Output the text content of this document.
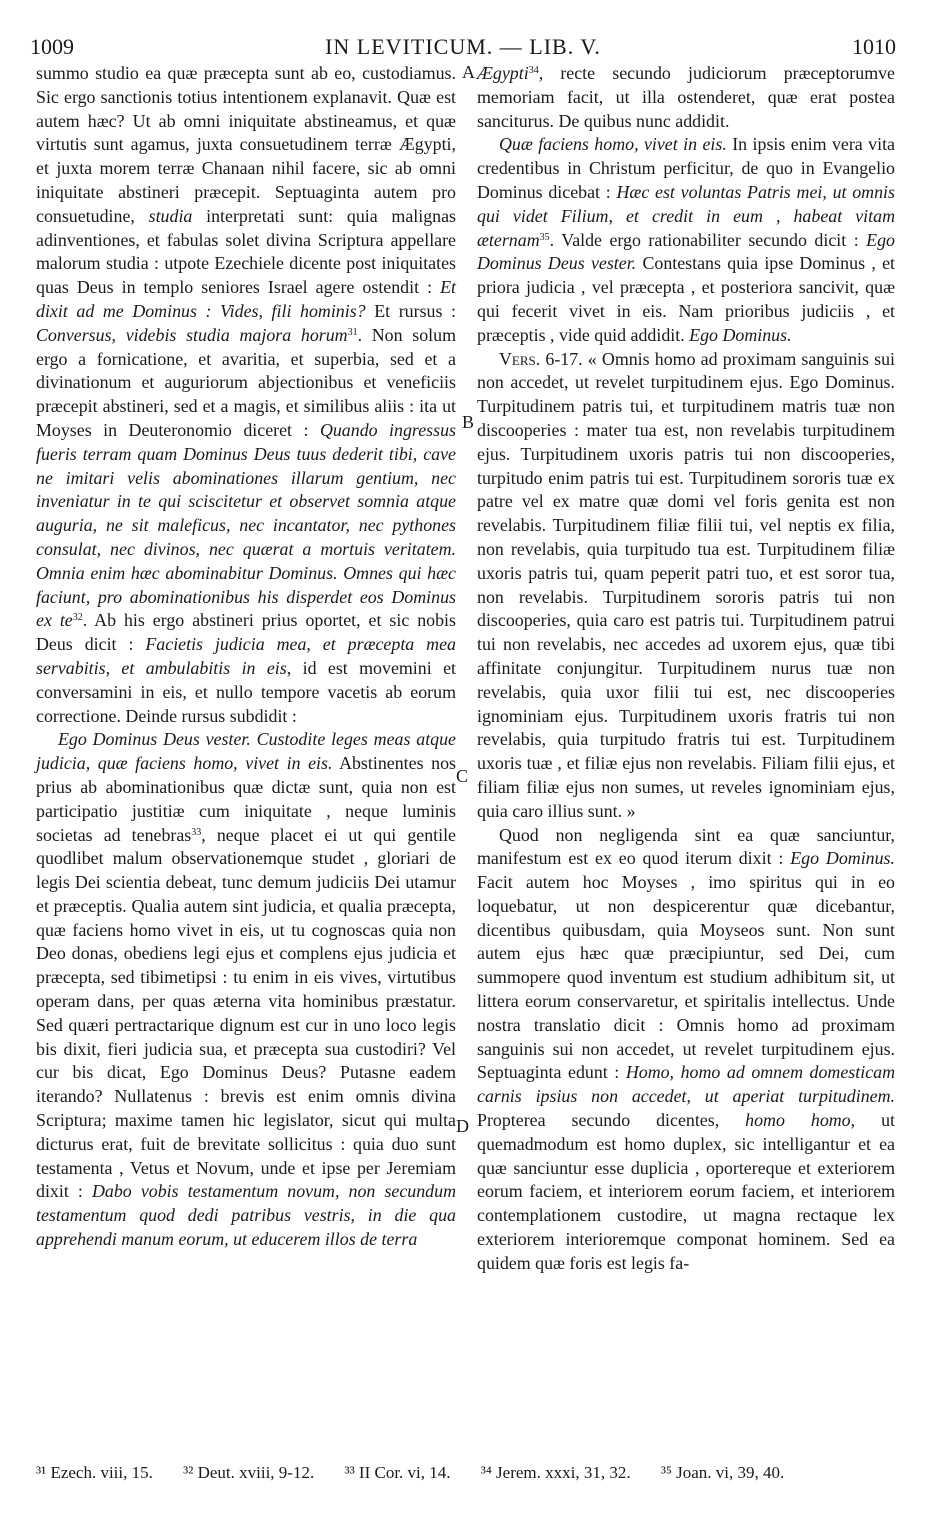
1009	IN LEVITICUM. — LIB. V.	1010
A
B
C
D

summo studio ea quæ præcepta sunt ab eo, custodiamus. Sic ergo sanctionis totius intentionem explanavit. Quæ est autem hæc? Ut ab omni iniquitate abstineamus, et quæ virtutis sunt agamus, juxta consuetudinem terræ Ægypti, et juxta morem terræ Chanaan nihil facere, sic ab omni iniquitate abstineri præcepit. Septuaginta autem pro consuetudine, studia interpretati sunt: quia malignas adinventiones, et fabulas solet divina Scriptura appellare malorum studia : utpote Ezechiele dicente post iniquitates quas Deus in templo seniores Israel agere ostendit : Et dixit ad me Dominus : Vides, fili hominis? Et rursus : Conversus, videbis studia majora horum$^{31}$. Non solum ergo a fornicatione, et avaritia, et superbia, sed et a divinationum et auguriorum abjectionibus et veneficiis præcepit abstineri, sed et a magis, et similibus aliis : ita ut Moyses in Deuteronomio diceret : Quando ingressus fueris terram quam Dominus Deus tuus dederit tibi, cave ne imitari velis abominationes illarum gentium, nec inveniatur in te qui sciscitetur et observet somnia atque auguria, ne sit maleficus, nec incantator, nec pythones consulat, nec divinos, nec quærat a mortuis veritatem. Omnia enim hæc abominabitur Dominus. Omnes qui hæc faciunt, pro abominationibus his disperdet eos Dominus ex $te^{32}$. Ab his ergo abstineri prius oportet, et sic nobis Deus dicit : Facietis judicia mea, et præcepta mea servabitis, et ambulabitis in eis, id est movemini et conversamini in eis, et nullo tempore vacetis ab eorum correctione. Deinde rursus subdidit :

Ego Dominus Deus vester. Custodite leges meas atque judicia, quæ faciens homo, vivet in eis. Abstinentes nos prius ab abominationibus quæ dictæ sunt, quia non est participatio justitiæ cum iniquitate , neque luminis societas ad tenebras$^{33}$, neque placet ei ut qui gentile quodlibet malum observationemque studet , gloriari de legis Dei scientia debeat, tunc demum judiciis Dei utamur et præceptis. Qualia autem sint judicia, et qualia præcepta, quæ faciens homo vivet in eis, ut tu cognoscas quia non Deo donas, obediens legi ejus et complens ejus judicia et præcepta, sed tibimetipsi : tu enim in eis vives, virtutibus operam dans, per quas æterna vita hominibus præstatur. Sed quæri pertractarique dignum est cur in uno loco legis bis dixit, fieri judicia sua, et præcepta sua custodiri? Vel cur bis dicat, Ego Dominus Deus? Putasne eadem iterando? Nullatenus : brevis est enim omnis divina Scriptura; maxime tamen hic legislator, sicut qui multa dicturus erat, fuit de brevitate sollicitus : quia duo sunt testamenta , Vetus et Novum, unde et ipse per Jeremiam dixit : Dabo vobis testamentum novum, non secundum testamentum quod dedi patribus vestris, in die qua apprehendi manum eorum, ut educerem illos de terra

Ægypti$^{34}$, recte secundo judiciorum præceptorumve memoriam facit, ut illa ostenderet, quæ erat postea sanciturus. De quibus nunc addidit.

Quæ faciens homo, vivet in eis. In ipsis enim vera vita credentibus in Christum perficitur, de quo in Evangelio Dominus dicebat : Hæc est voluntas Patris mei, ut omnis qui videt Filium, et credit in eum , habeat vitam æternam$^{35}$. Valde ergo rationabiliter secundo dicit : Ego Dominus Deus vester. Contestans quia ipse Dominus , et priora judicia , vel præcepta , et posteriora sancivit, quæ qui fecerit vivet in eis. Nam prioribus judiciis , et præceptis , vide quid addidit. Ego Dominus.

Vers. 6-17. « Omnis homo ad proximam sanguinis sui non accedet, ut revelet turpitudinem ejus. Ego Dominus. Turpitudinem patris tui, et turpitudinem matris tuæ non discooperies : mater tua est, non revelabis turpitudinem ejus. Turpitudinem uxoris patris tui non discooperies, turpitudo enim patris tui est. Turpitudinem sororis tuæ ex patre vel ex matre quæ domi vel foris genita est non revelabis. Turpitudinem filiæ filii tui, vel neptis ex filia, non revelabis, quia turpitudo tua est. Turpitudinem filiæ uxoris patris tui, quam peperit patri tuo, et est soror tua, non revelabis. Turpitudinem sororis patris tui non discooperies, quia caro est patris tui. Turpitudinem patrui tui non revelabis, nec accedes ad uxorem ejus, quæ tibi affinitate conjungitur. Turpitudinem nurus tuæ non revelabis, quia uxor filii tui est, nec discooperies ignominiam ejus. Turpitudinem uxoris fratris tui non revelabis, quia turpitudo fratris tui est. Turpitudinem uxoris tuæ , et filiæ ejus non revelabis. Filiam filii ejus, et filiam filiæ ejus non sumes, ut reveles ignominiam ejus, quia caro illius sunt. »

Quod non negligenda sint ea quæ sanciuntur, manifestum est ex eo quod iterum dixit : Ego Dominus. Facit autem hoc Moyses , imo spiritus qui in eo loquebatur, ut non despicerentur quæ dicebantur, dicentibus quibusdam, quia Moyseos sunt. Non sunt autem ejus hæc quæ præcipiuntur, sed Dei, cum summopere quod inventum est studium adhibitum sit, ut littera eorum conservaretur, et spiritalis intellectus. Unde nostra translatio dicit : Omnis homo ad proximam sanguinis sui non accedet, ut revelet turpitudinem ejus. Septuaginta edunt : Homo, homo ad omnem domesticam carnis ipsius non accedet, ut aperiat turpitudinem. Propterea secundo dicentes, homo homo, ut quemadmodum est homo duplex, sic intelligantur et ea quæ sanciuntur esse duplicia , oportereque et exteriorem eorum faciem, et interiorem eorum faciem, et interiorem contemplationem custodire, ut magna rectaque lex exteriorem interioremque componat hominem. Sed ea quidem quæ foris est legis fa-

³¹ Ezech. viii, 15. ³² Deut. xviii, 9-12. ³³ II Cor. vi, 14. ³⁴ Jerem. xxxi, 31, 32. ³⁵ Joan. vi, 39, 40.
